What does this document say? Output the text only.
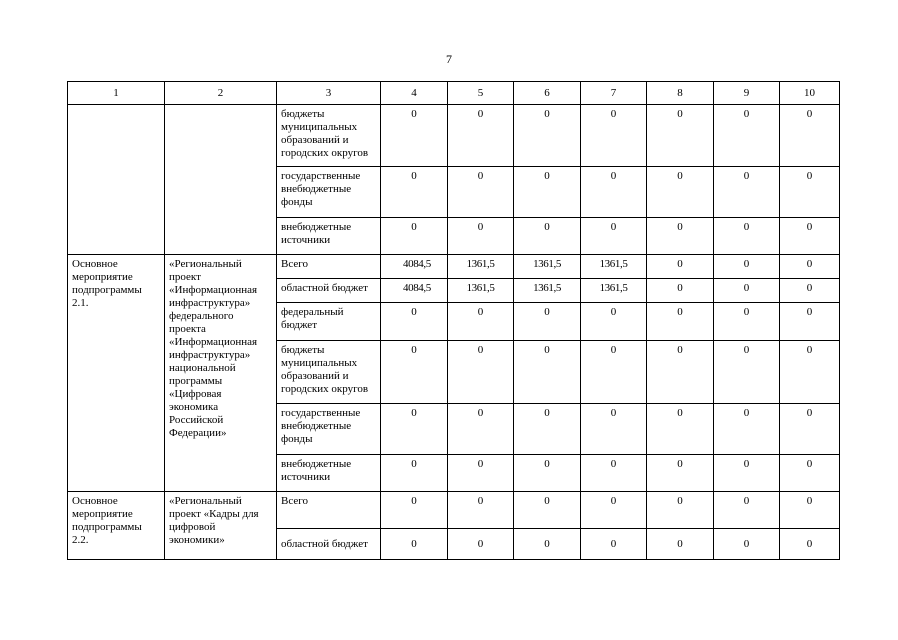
7
1	2	3	4	5	6	7	8	9	10
		бюджеты муниципальных образований и городских округов	0	0	0	0	0	0	0
		государственные внебюджетные фонды	0	0	0	0	0	0	0
		внебюджетные источники	0	0	0	0	0	0	0
Основное мероприятие подпрограммы 2.1.	«Региональный проект «Информационная инфраструктура» федерального проекта «Информационная инфраструктура» национальной программы «Цифровая экономика Российской Федерации»	Всего	4084,5	1361,5	1361,5	1361,5	0	0	0
		областной бюджет	4084,5	1361,5	1361,5	1361,5	0	0	0
		федеральный бюджет	0	0	0	0	0	0	0
		бюджеты муниципальных образований и городских округов	0	0	0	0	0	0	0
		государственные внебюджетные фонды	0	0	0	0	0	0	0
		внебюджетные источники	0	0	0	0	0	0	0
Основное мероприятие подпрограммы 2.2.	«Региональный проект «Кадры для цифровой экономики»	Всего	0	0	0	0	0	0	0
		областной бюджет	0	0	0	0	0	0	0
